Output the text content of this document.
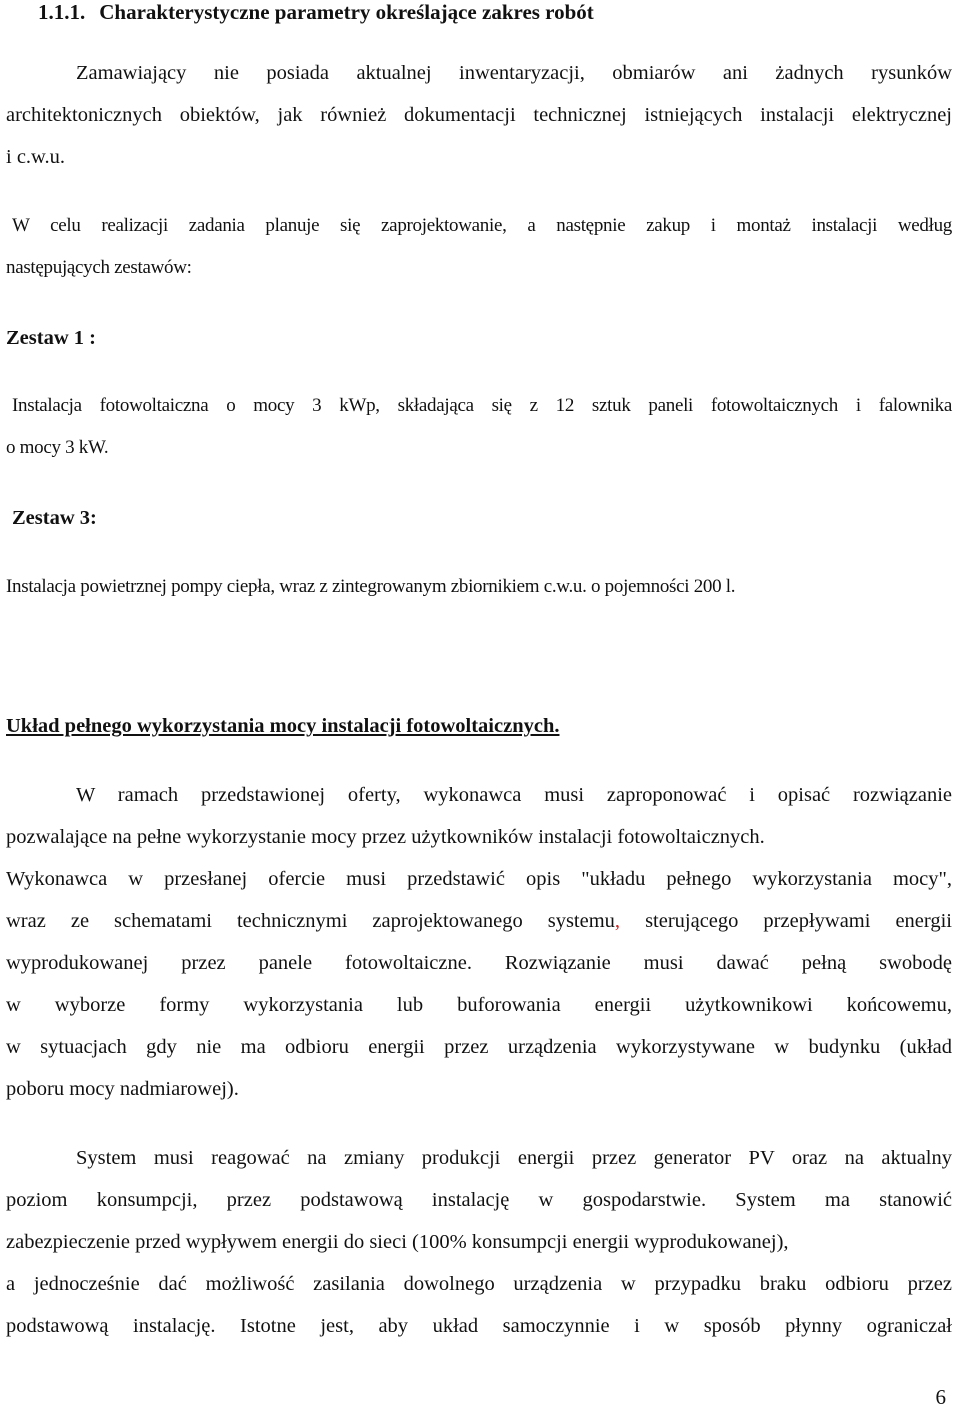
1.1.1. Charakterystyczne parametry określające zakres robót
Zamawiający nie posiada aktualnej inwentaryzacji, obmiarów ani żadnych rysunków
architektonicznych obiektów, jak również dokumentacji technicznej istniejących instalacji elektrycznej
i c.w.u.
W celu realizacji zadania planuje się zaprojektowanie, a następnie zakup i montaż instalacji według
następujących zestawów:
Zestaw 1 :
Instalacja fotowoltaiczna o mocy 3 kWp, składająca się z 12 sztuk paneli fotowoltaicznych i falownika
o mocy 3 kW.
Zestaw 3:
Instalacja powietrznej pompy ciepła, wraz z zintegrowanym zbiornikiem c.w.u. o pojemności 200 l.
Układ pełnego wykorzystania mocy instalacji fotowoltaicznych.
W ramach przedstawionej oferty, wykonawca musi zaproponować i opisać rozwiązanie
pozwalające na pełne wykorzystanie mocy przez użytkowników instalacji fotowoltaicznych.
Wykonawca w przesłanej ofercie musi przedstawić opis "układu pełnego wykorzystania mocy",
wraz ze schematami technicznymi zaprojektowanego systemu, sterującego przepływami energii
wyprodukowanej przez panele fotowoltaiczne. Rozwiązanie musi dawać pełną swobodę
w wyborze formy wykorzystania lub buforowania energii użytkownikowi końcowemu,
w sytuacjach gdy nie ma odbioru energii przez urządzenia wykorzystywane w budynku (układ
poboru mocy nadmiarowej).
System musi reagować na zmiany produkcji energii przez generator PV oraz na aktualny
poziom konsumpcji, przez podstawową instalację w gospodarstwie. System ma stanowić
zabezpieczenie przed wypływem energii do sieci (100% konsumpcji energii wyprodukowanej),
a jednocześnie dać możliwość zasilania dowolnego urządzenia w przypadku braku odbioru przez
podstawową instalację. Istotne jest, aby układ samoczynnie i w sposób płynny ograniczał
6
